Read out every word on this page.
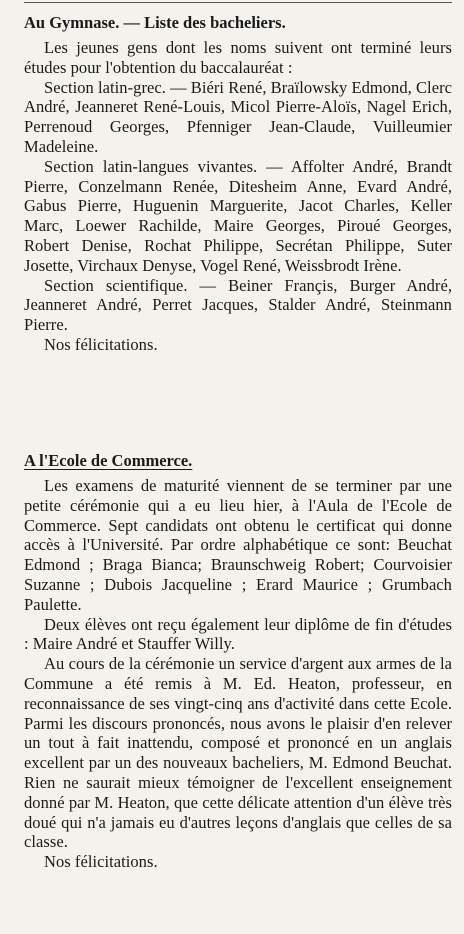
Au Gymnase. — Liste des bacheliers.

Les jeunes gens dont les noms suivent ont terminé leurs études pour l'obtention du baccalauréat :

Section latin-grec. — Biéri René, Braïlowsky Edmond, Clerc André, Jeanneret René-Louis, Micol Pierre-Aloïs, Nagel Erich, Perrenoud Georges, Pfenniger Jean-Claude, Vuilleumier Madeleine.

Section latin-langues vivantes. — Affolter André, Brandt Pierre, Conzelmann Renée, Ditesheim Anne, Evard André, Gabus Pierre, Huguenin Marguerite, Jacot Charles, Keller Marc, Loewer Rachilde, Maire Georges, Piroué Georges, Robert Denise, Rochat Philippe, Secrétan Philippe, Suter Josette, Virchaux Denyse, Vogel René, Weissbrodt Irène.

Section scientifique. — Beiner Françis, Burger André, Jeanneret André, Perret Jacques, Stalder André, Steinmann Pierre.

Nos félicitations.

A l'Ecole de Commerce.

Les examens de maturité viennent de se terminer par une petite cérémonie qui a eu lieu hier, à l'Aula de l'Ecole de Commerce. Sept candidats ont obtenu le certificat qui donne accès à l'Université. Par ordre alphabétique ce sont: Beuchat Edmond ; Braga Bianca; Braunschweig Robert; Courvoisier Suzanne ; Dubois Jacqueline ; Erard Maurice ; Grumbach Paulette.

Deux élèves ont reçu également leur diplôme de fin d'études : Maire André et Stauffer Willy.

Au cours de la cérémonie un service d'argent aux armes de la Commune a été remis à M. Ed. Heaton, professeur, en reconnaissance de ses vingt-cinq ans d'activité dans cette Ecole. Parmi les discours prononcés, nous avons le plaisir d'en relever un tout à fait inattendu, composé et prononcé en un anglais excellent par un des nouveaux bacheliers, M. Edmond Beuchat. Rien ne saurait mieux témoigner de l'excellent enseignement donné par M. Heaton, que cette délicate attention d'un élève très doué qui n'a jamais eu d'autres leçons d'anglais que celles de sa classe.

Nos félicitations.
